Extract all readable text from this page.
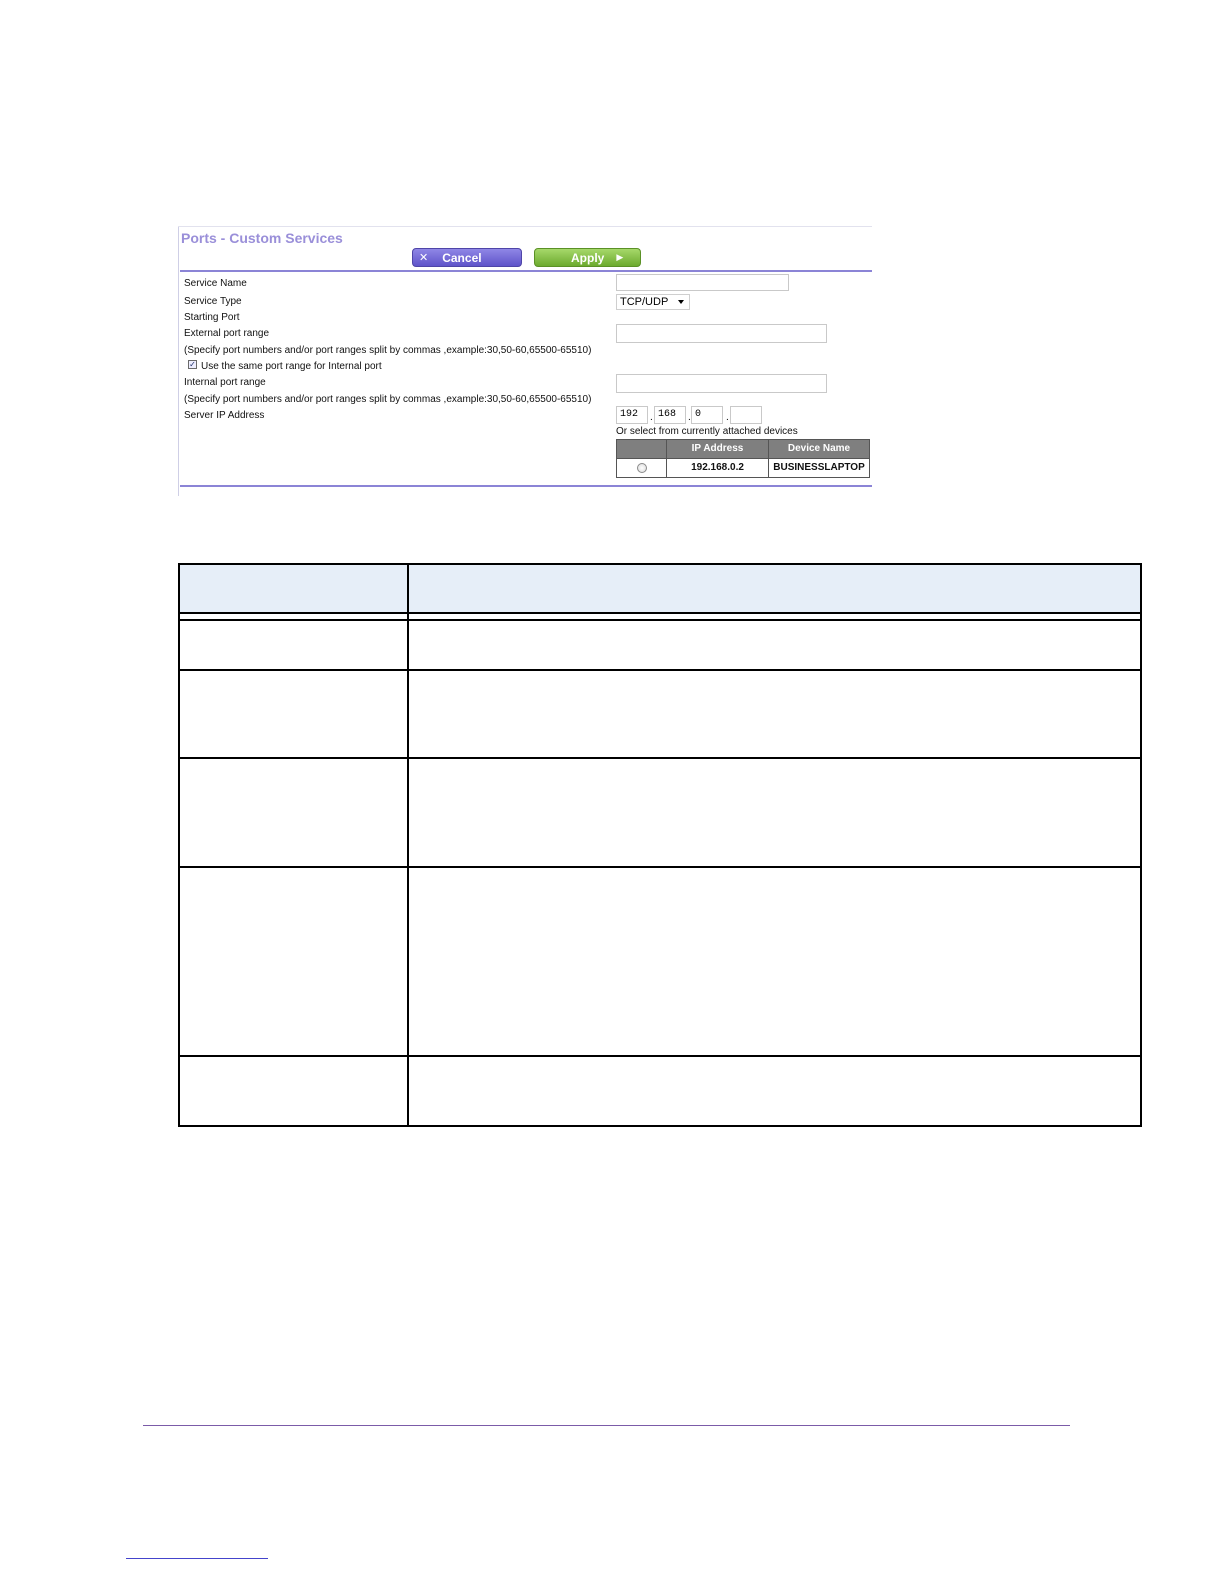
Ports - Custom Services
✕ Cancel	Apply ▶
Service Name
Service Type	TCP/UDP
Starting Port
External port range
(Specify port numbers and/or port ranges split by commas ,example:30,50-60,65500-65510)
✓ Use the same port range for Internal port
Internal port range
(Specify port numbers and/or port ranges split by commas ,example:30,50-60,65500-65510)
Server IP Address	192	. 168	. 0	.
Or select from currently attached devices
IP Address	Device Name
192.168.0.2	BUSINESSLAPTOP
